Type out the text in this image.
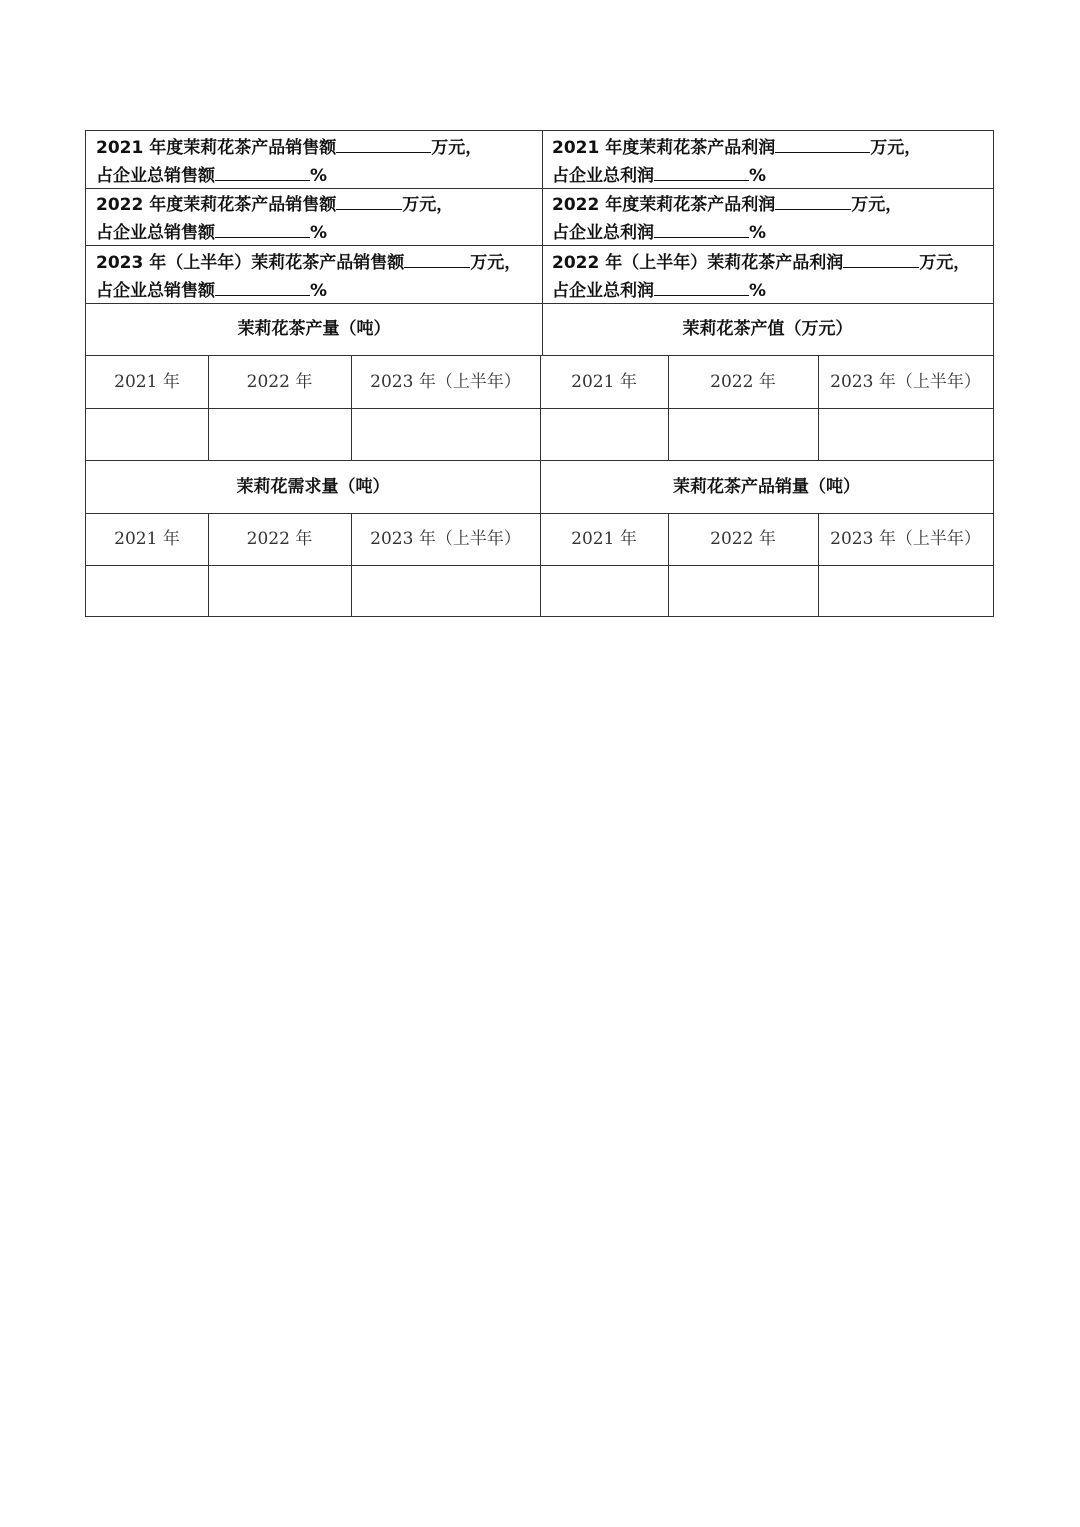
2021 年度茉莉花茶产品销售额	万元，
占企业总销售额	%
2021 年度茉莉花茶产品利润	万元，
占企业总利润	%
2022 年度茉莉花茶产品销售额	万元，
占企业总销售额	%
2022 年度茉莉花茶产品利润	万元，
占企业总利润	%
2023 年（上半年）茉莉花茶产品销售额	万元，
占企业总销售额	%
2022 年（上半年）茉莉花茶产品利润	万元，
占企业总利润	%
茉莉花茶产量（吨）	茉莉花茶产值（万元）
2021 年	2022 年	2023 年（上半年）	2021 年	2022 年	2023 年（上半年）
茉莉花需求量（吨）	茉莉花茶产品销量（吨）
2021 年	2022 年	2023 年（上半年）	2021 年	2022 年	2023 年（上半年）
